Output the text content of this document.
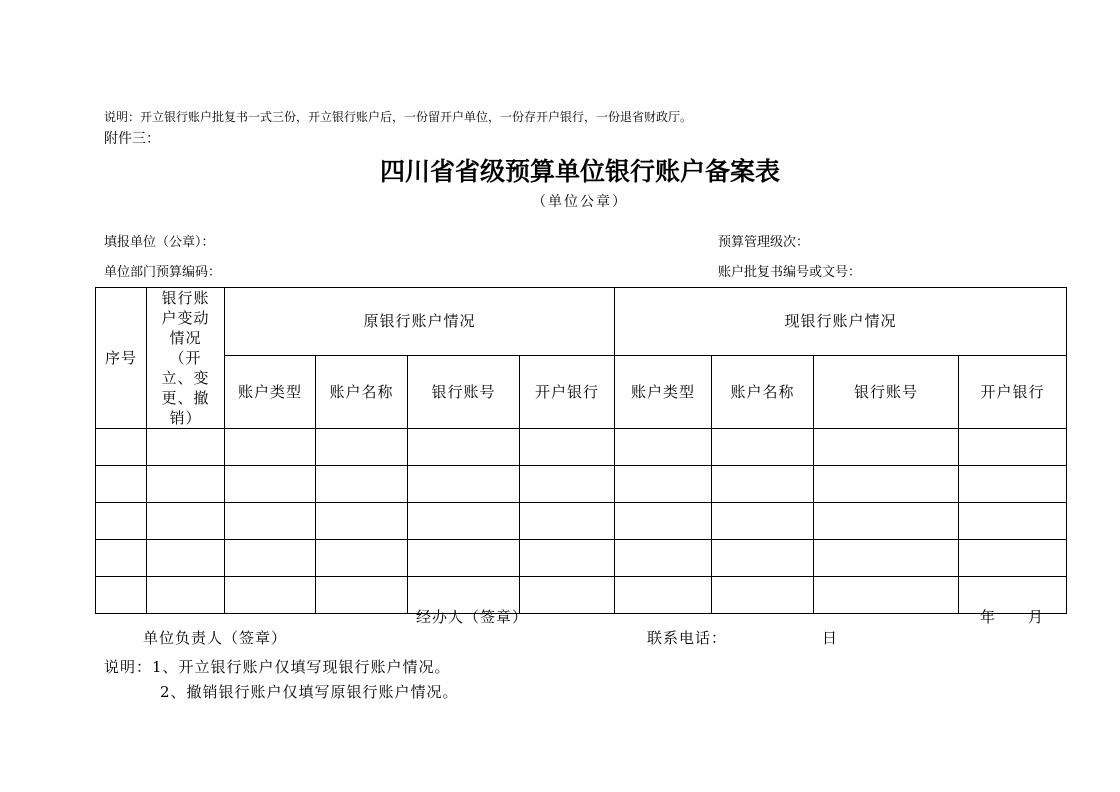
说明：开立银行账户批复书一式三份，开立银行账户后，一份留开户单位，一份存开户银行，一份退省财政厅。
附件三：
四川省省级预算单位银行账户备案表
（单位公章）
填报单位（公章）：	预算管理级次：
单位部门预算编码：	账户批复书编号或文号：
序号	银行账户变动情况（开立、变更、撤销）	原银行账户情况				现银行账户情况			
		账户类型	账户名称	银行账号	开户银行	账户类型	账户名称	银行账号	开户银行

经办人（签章）	年 月
单位负责人（签章）	联系电话：	日
说明：1、开立银行账户仅填写现银行账户情况。
2、撤销银行账户仅填写原银行账户情况。
